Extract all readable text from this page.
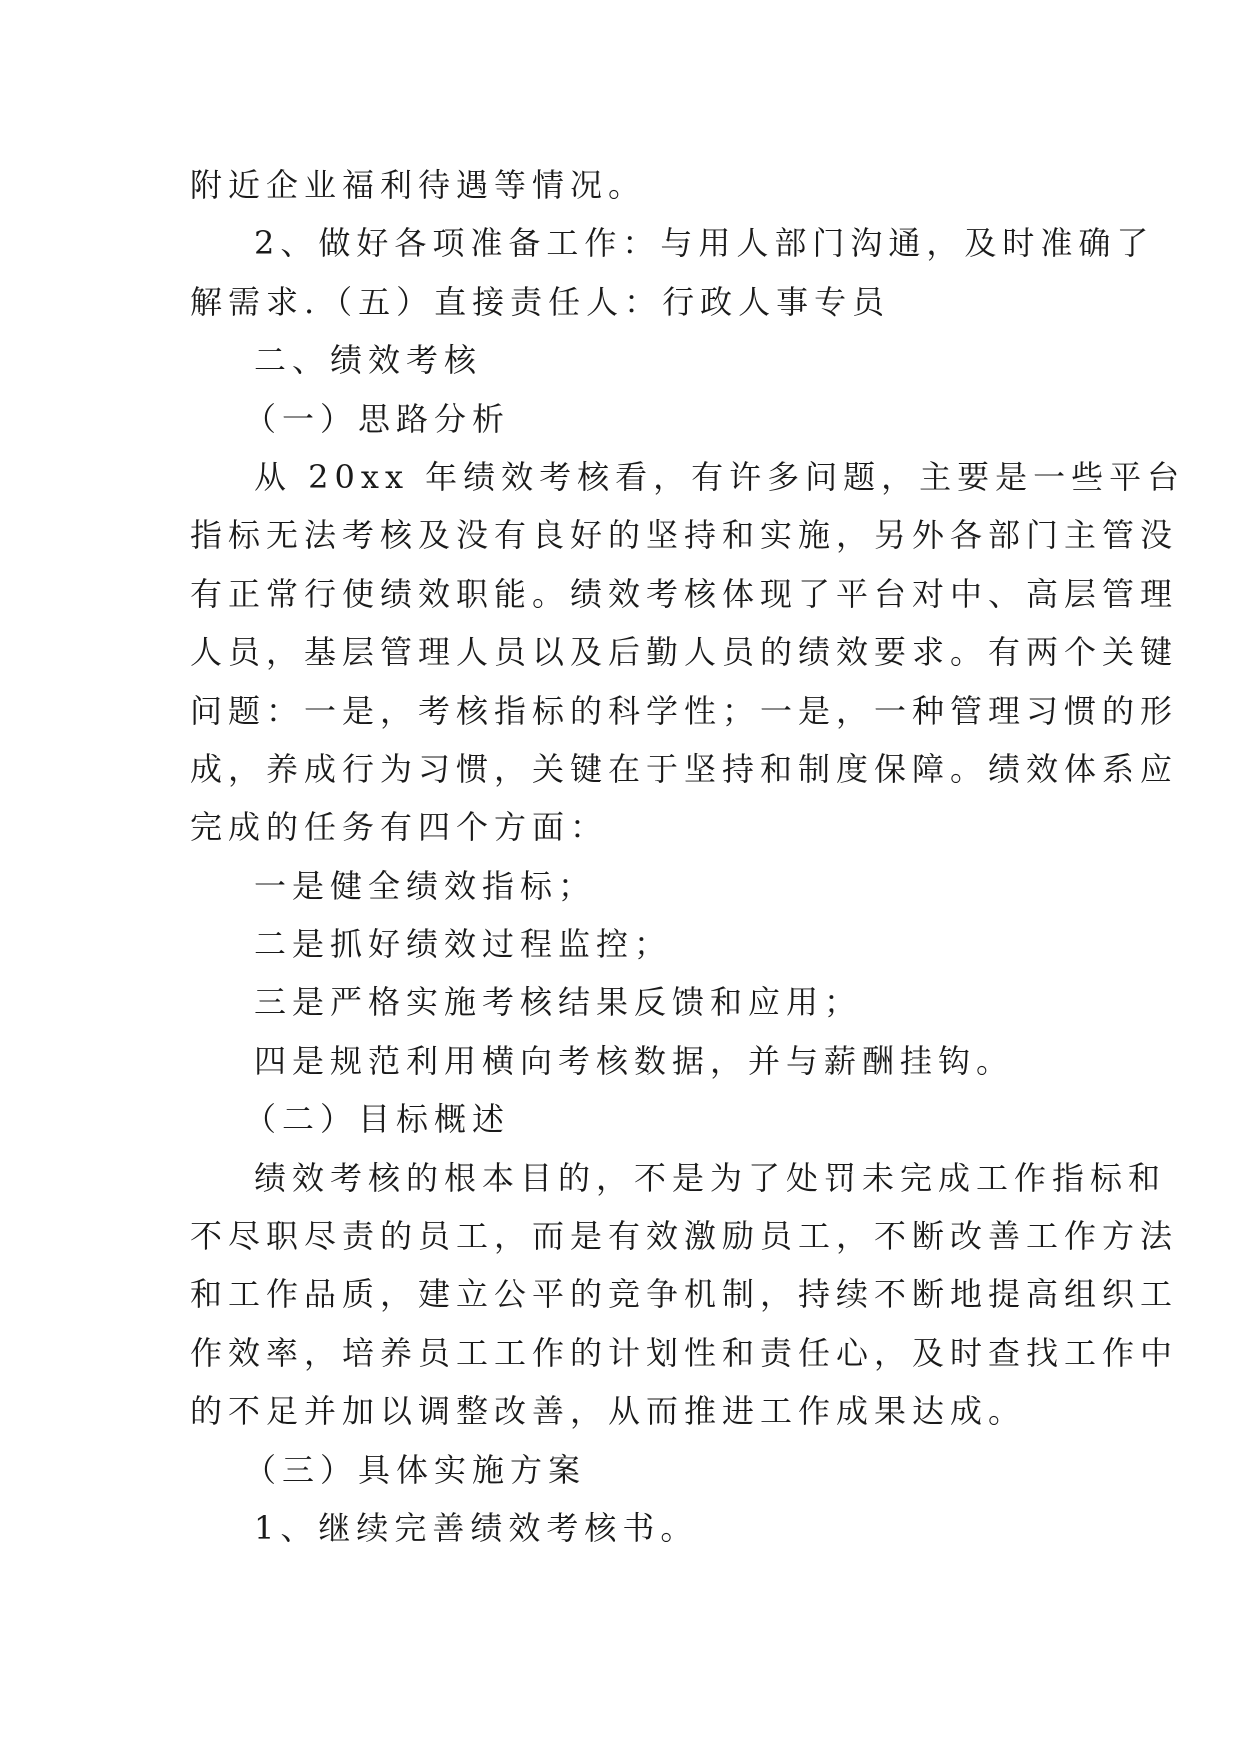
附近企业福利待遇等情况。

2、做好各项准备工作：与用人部门沟通，及时准确了

解需求.（五）直接责任人：行政人事专员

二、绩效考核

（一）思路分析

从 20xx 年绩效考核看，有许多问题，主要是一些平台

指标无法考核及没有良好的坚持和实施，另外各部门主管没

有正常行使绩效职能。绩效考核体现了平台对中、高层管理

人员，基层管理人员以及后勤人员的绩效要求。有两个关键

问题：一是，考核指标的科学性；一是，一种管理习惯的形

成，养成行为习惯，关键在于坚持和制度保障。绩效体系应

完成的任务有四个方面：

一是健全绩效指标；

二是抓好绩效过程监控；

三是严格实施考核结果反馈和应用；

四是规范利用横向考核数据，并与薪酬挂钩。

（二）目标概述

绩效考核的根本目的，不是为了处罚未完成工作指标和

不尽职尽责的员工，而是有效激励员工，不断改善工作方法

和工作品质，建立公平的竞争机制，持续不断地提高组织工

作效率，培养员工工作的计划性和责任心，及时查找工作中

的不足并加以调整改善，从而推进工作成果达成。

（三）具体实施方案

1、继续完善绩效考核书。
